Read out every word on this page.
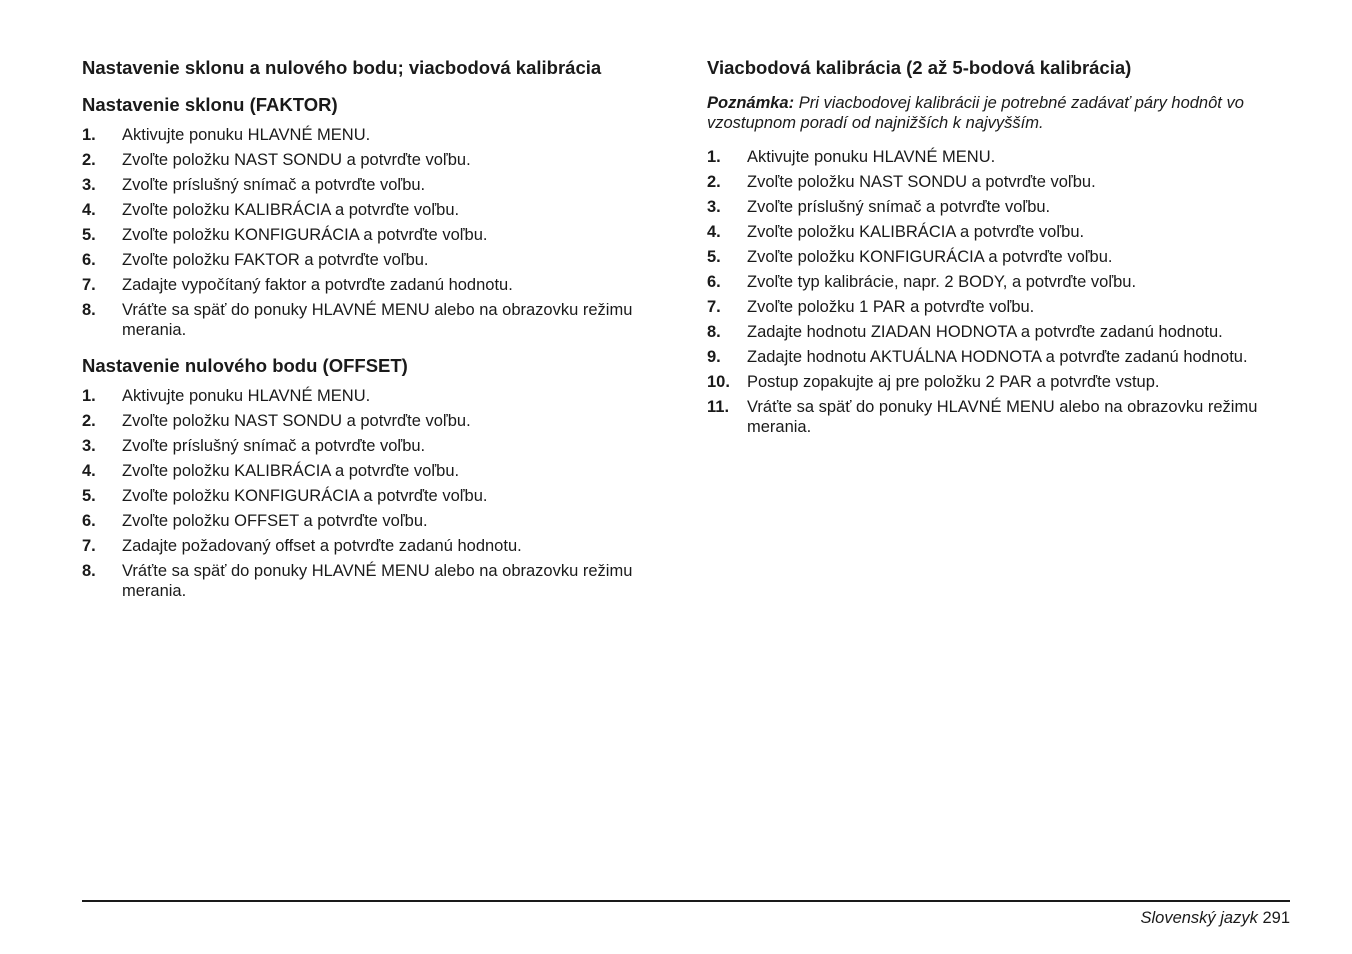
Nastavenie sklonu a nulového bodu; viacbodová kalibrácia
Nastavenie sklonu (FAKTOR)
1.	Aktivujte ponuku HLAVNÉ MENU.
2.	Zvoľte položku NAST SONDU a potvrďte voľbu.
3.	Zvoľte príslušný snímač a potvrďte voľbu.
4.	Zvoľte položku KALIBRÁCIA a potvrďte voľbu.
5.	Zvoľte položku KONFIGURÁCIA a potvrďte voľbu.
6.	Zvoľte položku FAKTOR a potvrďte voľbu.
7.	Zadajte vypočítaný faktor a potvrďte zadanú hodnotu.
8.	Vráťte sa späť do ponuky HLAVNÉ MENU alebo na obrazovku režimu merania.
Nastavenie nulového bodu (OFFSET)
1.	Aktivujte ponuku HLAVNÉ MENU.
2.	Zvoľte položku NAST SONDU a potvrďte voľbu.
3.	Zvoľte príslušný snímač a potvrďte voľbu.
4.	Zvoľte položku KALIBRÁCIA a potvrďte voľbu.
5.	Zvoľte položku KONFIGURÁCIA a potvrďte voľbu.
6.	Zvoľte položku OFFSET a potvrďte voľbu.
7.	Zadajte požadovaný offset a potvrďte zadanú hodnotu.
8.	Vráťte sa späť do ponuky HLAVNÉ MENU alebo na obrazovku režimu merania.
Viacbodová kalibrácia (2 až 5-bodová kalibrácia)

Poznámka: Pri viacbodovej kalibrácii je potrebné zadávať páry hodnôt vo vzostupnom poradí od najnižších k najvyšším.

1.	Aktivujte ponuku HLAVNÉ MENU.
2.	Zvoľte položku NAST SONDU a potvrďte voľbu.
3.	Zvoľte príslušný snímač a potvrďte voľbu.
4.	Zvoľte položku KALIBRÁCIA a potvrďte voľbu.
5.	Zvoľte položku KONFIGURÁCIA a potvrďte voľbu.
6.	Zvoľte typ kalibrácie, napr. 2 BODY, a potvrďte voľbu.
7.	Zvoľte položku 1 PAR a potvrďte voľbu.
8.	Zadajte hodnotu ZIADAN HODNOTA a potvrďte zadanú hodnotu.
9.	Zadajte hodnotu AKTUÁLNA HODNOTA a potvrďte zadanú hodnotu.
10.	Postup zopakujte aj pre položku 2 PAR a potvrďte vstup.
11.	Vráťte sa späť do ponuky HLAVNÉ MENU alebo na obrazovku režimu merania.
Slovenský jazyk 291
